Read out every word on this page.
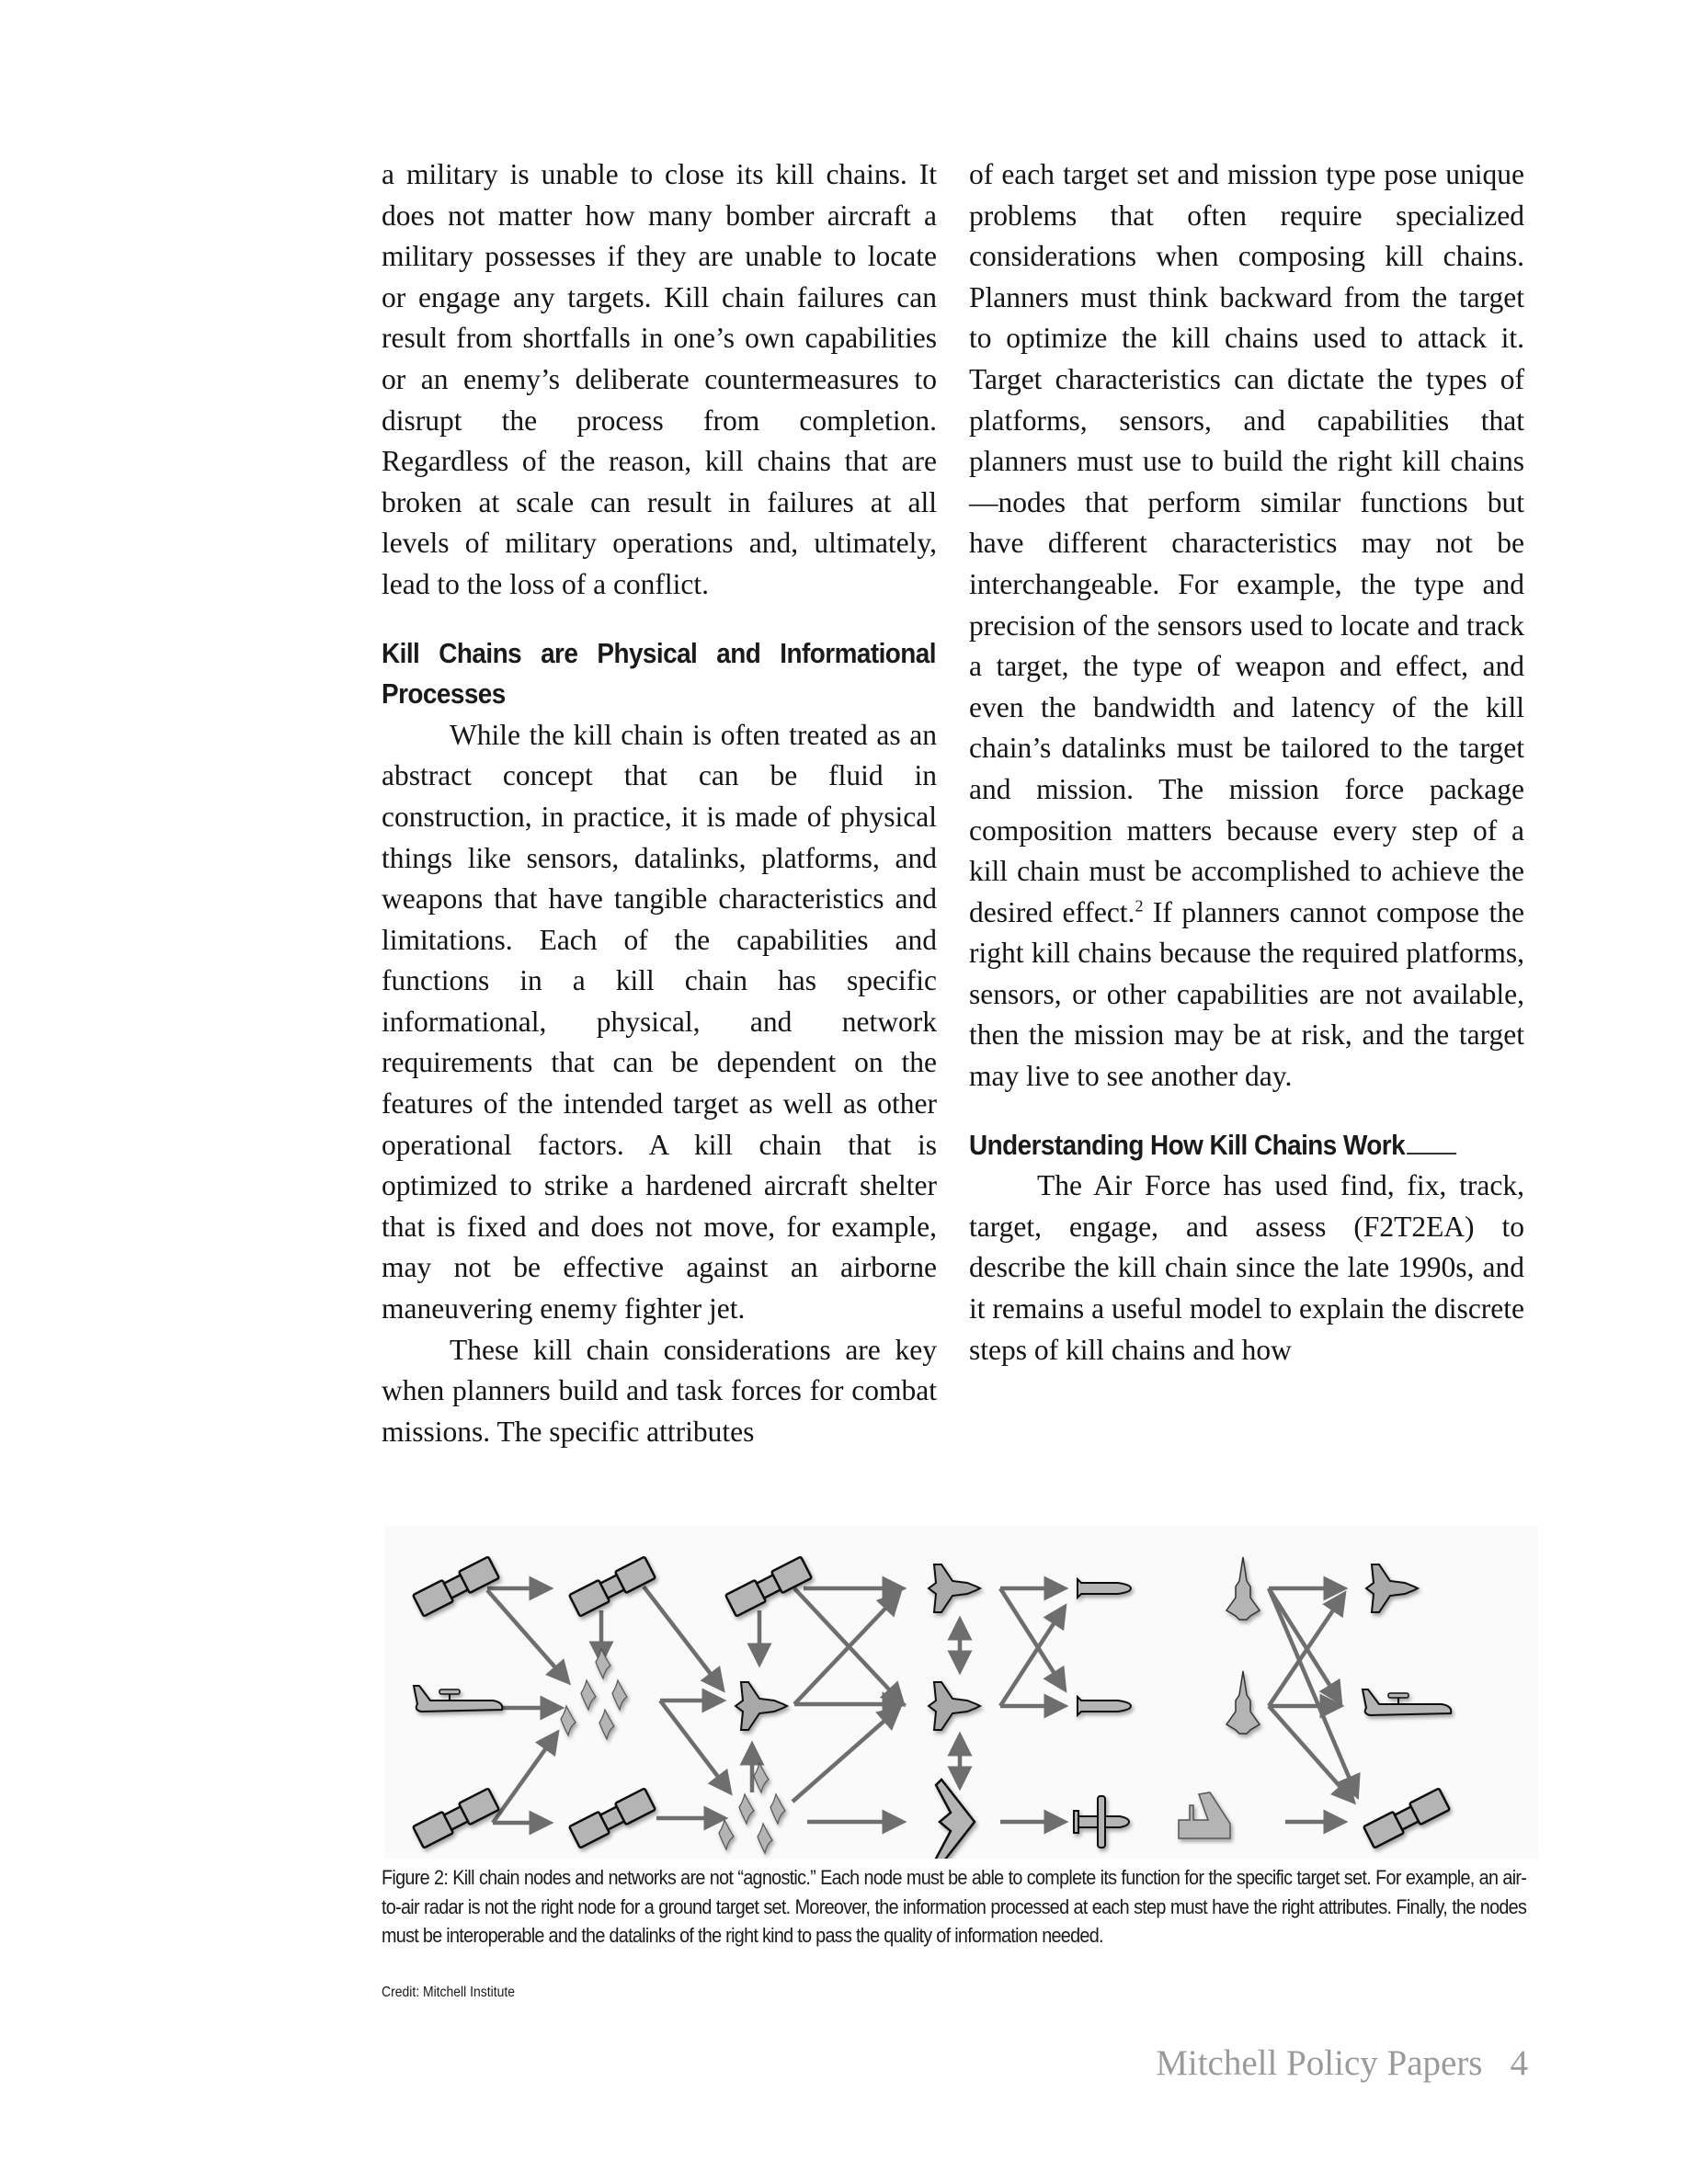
a military is unable to close its kill chains. It does not matter how many bomber aircraft a military possesses if they are unable to locate or engage any targets. Kill chain failures can result from shortfalls in one’s own capabilities or an enemy’s deliberate countermeasures to disrupt the process from completion. Regardless of the reason, kill chains that are broken at scale can result in failures at all levels of military operations and, ultimately, lead to the loss of a conflict.

Kill Chains are Physical and Informational Processes

While the kill chain is often treated as an abstract concept that can be fluid in construction, in practice, it is made of physical things like sensors, datalinks, platforms, and weapons that have tangible characteristics and limitations. Each of the capabilities and functions in a kill chain has specific informational, physical, and network requirements that can be dependent on the features of the intended target as well as other operational factors. A kill chain that is optimized to strike a hardened aircraft shelter that is fixed and does not move, for example, may not be effective against an airborne maneuvering enemy fighter jet.

These kill chain considerations are key when planners build and task forces for combat missions. The specific attributes

of each target set and mission type pose unique problems that often require specialized considerations when composing kill chains. Planners must think backward from the target to optimize the kill chains used to attack it. Target characteristics can dictate the types of platforms, sensors, and capabilities that planners must use to build the right kill chains—nodes that perform similar functions but have different characteristics may not be interchangeable. For example, the type and precision of the sensors used to locate and track a target, the type of weapon and effect, and even the bandwidth and latency of the kill chain’s datalinks must be tailored to the target and mission. The mission force package composition matters because every step of a kill chain must be accomplished to achieve the desired effect.$^2$ If planners cannot compose the right kill chains because the required platforms, sensors, or other capabilities are not available, then the mission may be at risk, and the target may live to see another day.

Understanding How Kill Chains Work

The Air Force has used find, fix, track, target, engage, and assess (F2T2EA) to describe the kill chain since the late 1990s, and it remains a useful model to explain the discrete steps of kill chains and how

Figure 2: Kill chain nodes and networks are not “agnostic.” Each node must be able to complete its function for the specific target set. For example, an air-to-air radar is not the right node for a ground target set. Moreover, the information processed at each step must have the right attributes. Finally, the nodes must be interoperable and the datalinks of the right kind to pass the quality of information needed.
Credit: Mitchell Institute
Mitchell Policy Papers 4
